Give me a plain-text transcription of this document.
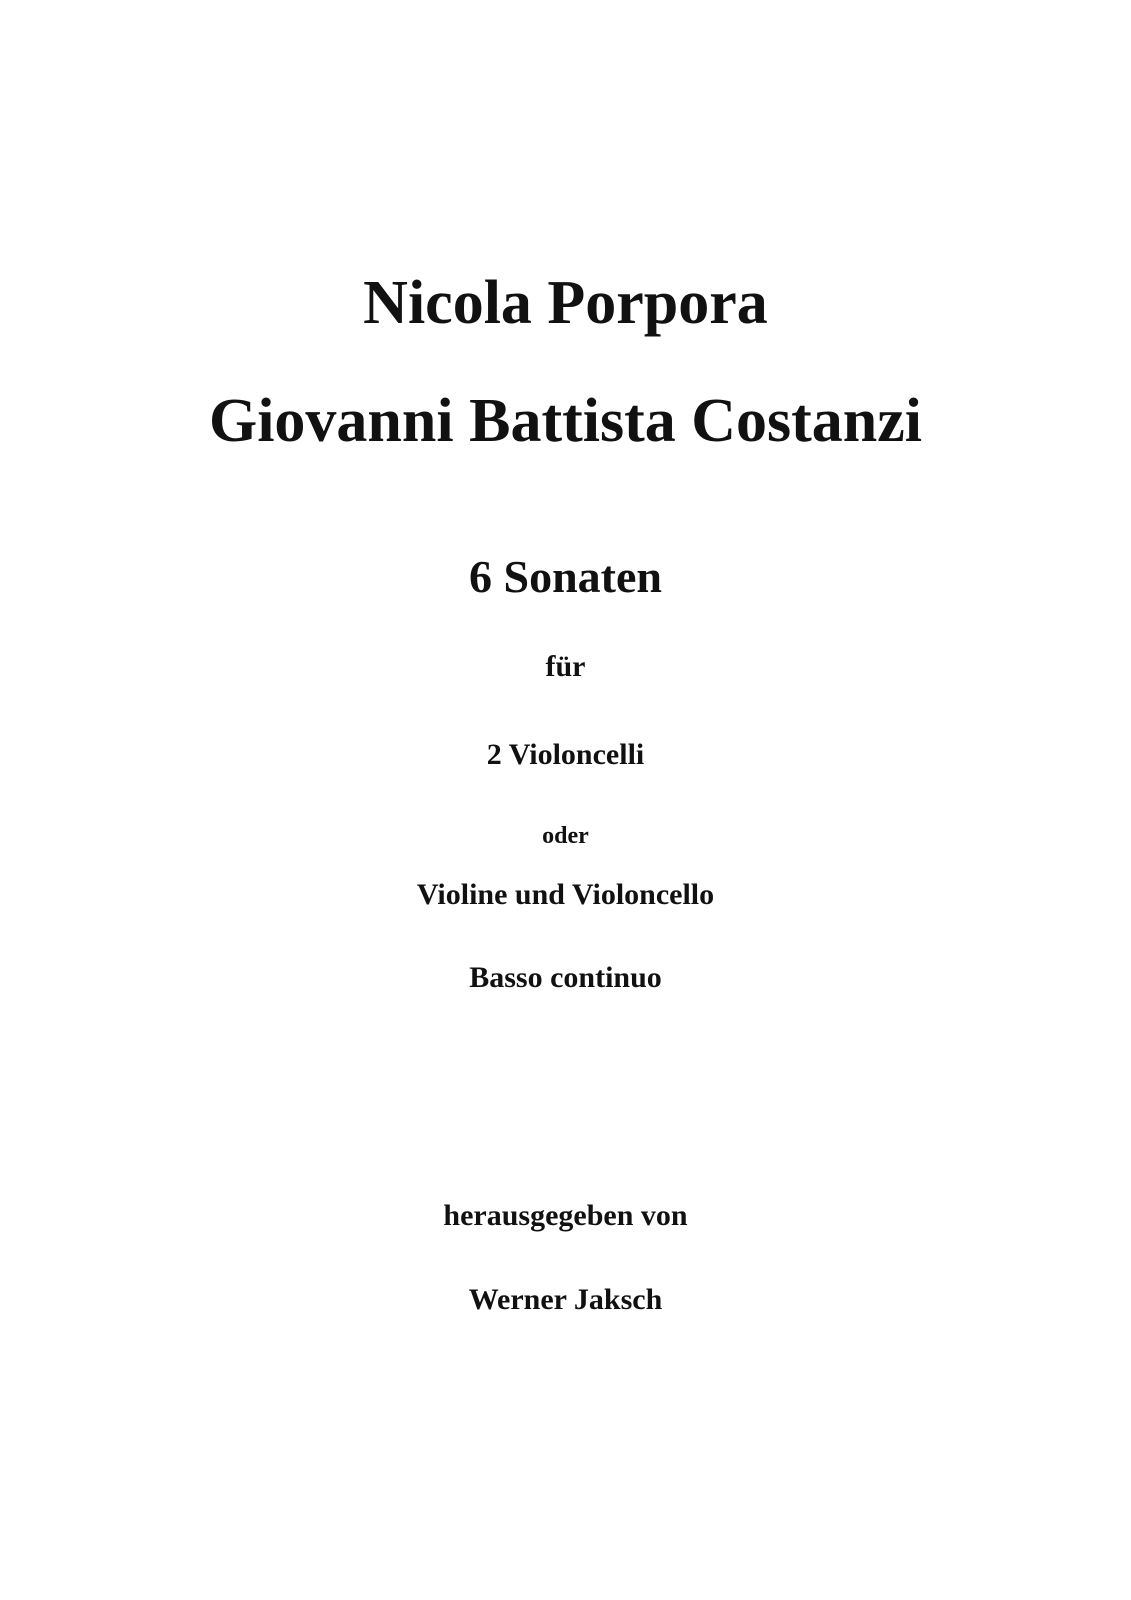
Nicola Porpora
Giovanni Battista Costanzi
6 Sonaten
für
2 Violoncelli
oder
Violine und Violoncello
Basso continuo
herausgegeben von
Werner Jaksch
